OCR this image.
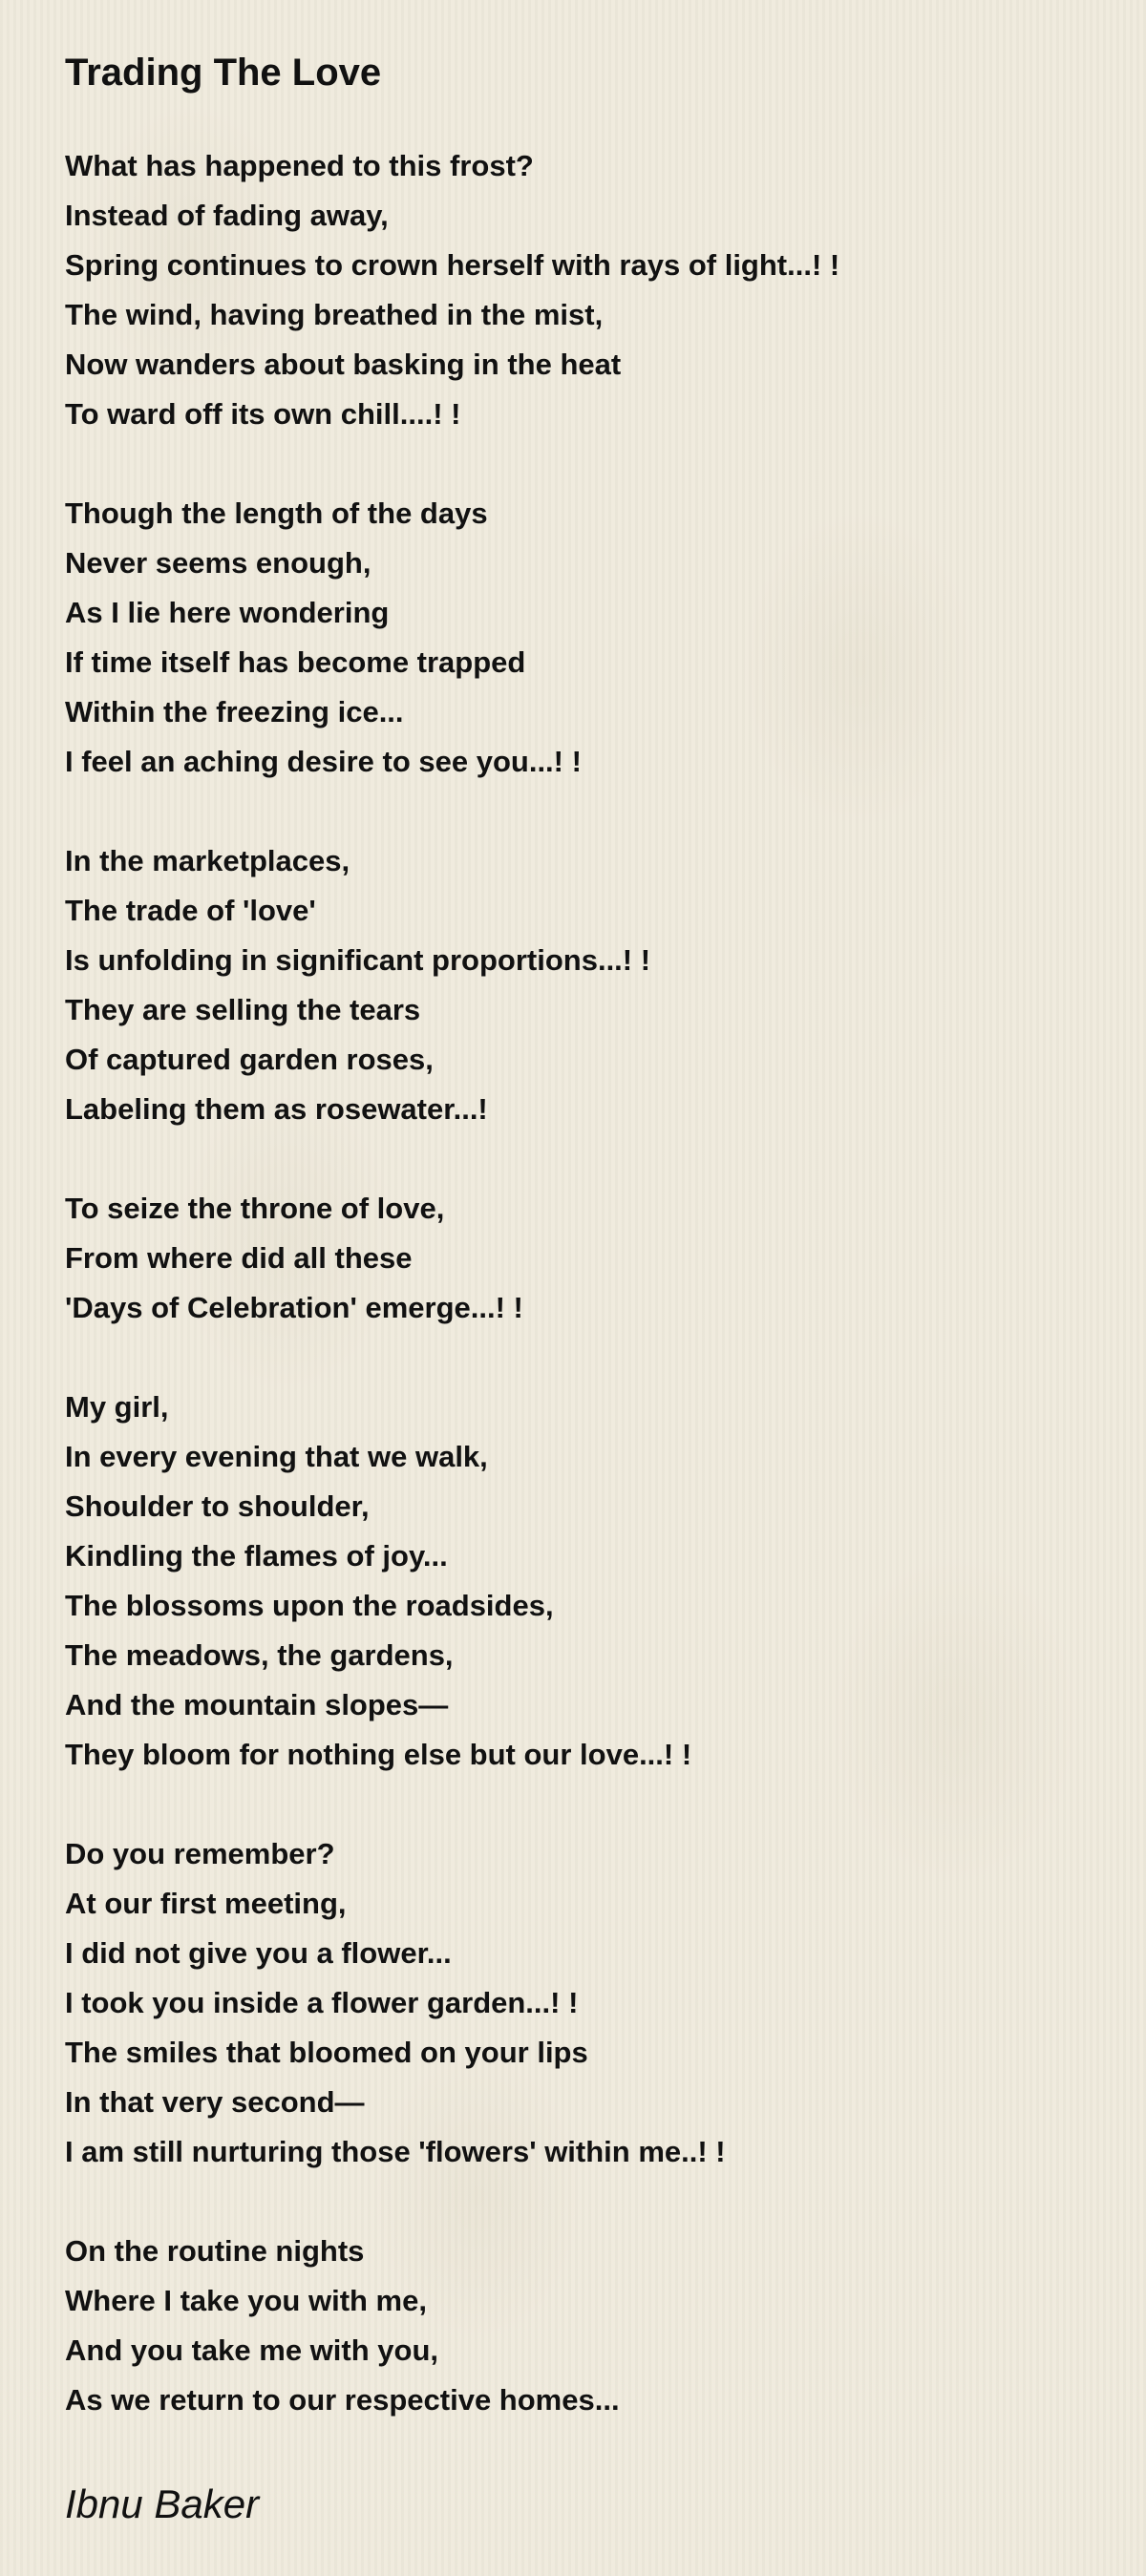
Trading The Love
What has happened to this frost?
Instead of fading away,
Spring continues to crown herself with rays of light...! !
The wind, having breathed in the mist,
Now wanders about basking in the heat
To ward off its own chill....! !
Though the length of the days
Never seems enough,
As I lie here wondering
If time itself has become trapped
Within the freezing ice...
I feel an aching desire to see you...! !
In the marketplaces,
The trade of 'love'
Is unfolding in significant proportions...! !
They are selling the tears
Of captured garden roses,
Labeling them as rosewater...!
To seize the throne of love,
From where did all these
'Days of Celebration' emerge...! !
My girl,
In every evening that we walk,
Shoulder to shoulder,
Kindling the flames of joy...
The blossoms upon the roadsides,
The meadows, the gardens,
And the mountain slopes—
They bloom for nothing else but our love...! !
Do you remember?
At our first meeting,
I did not give you a flower...
I took you inside a flower garden...! !
The smiles that bloomed on your lips
In that very second—
I am still nurturing those 'flowers' within me..! !
On the routine nights
Where I take you with me,
And you take me with you,
As we return to our respective homes...
Ibnu Baker
